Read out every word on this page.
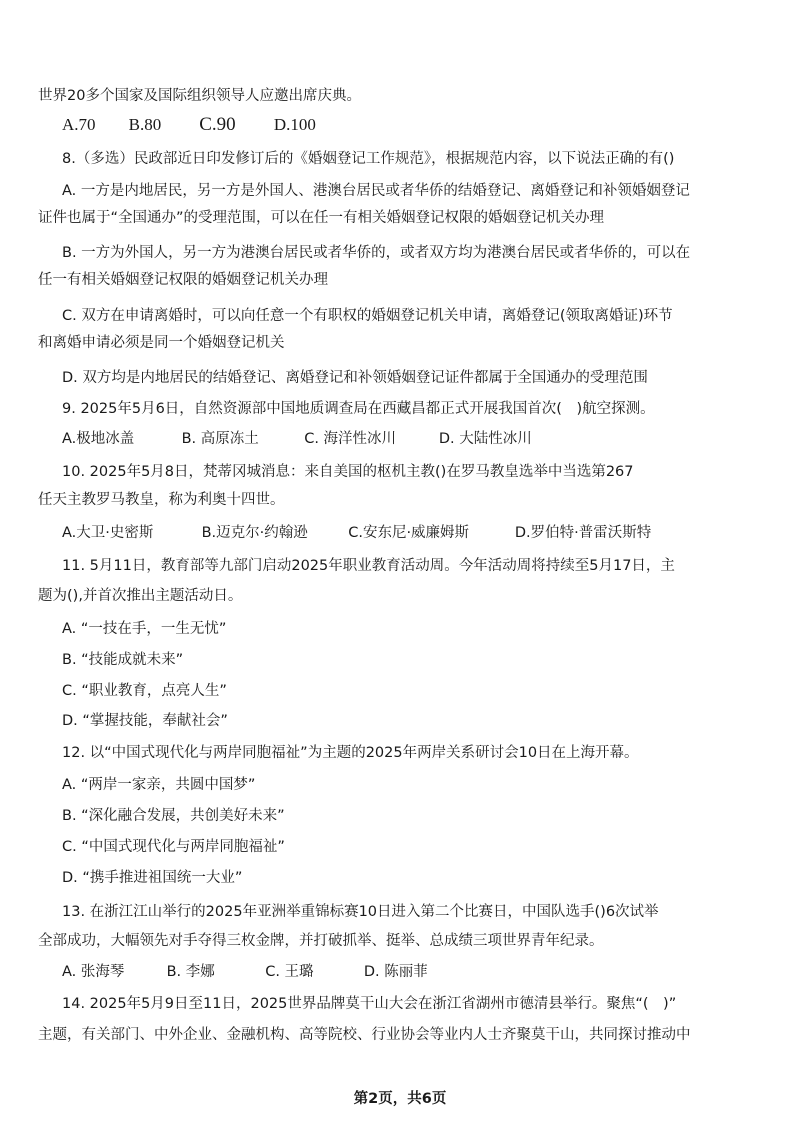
世界20多个国家及国际组织领导人应邀出席庆典。
A.70 B.80 C.90 D.100
8.（多选）民政部近日印发修订后的《婚姻登记工作规范》，根据规范内容，以下说法正确的有()
A. 一方是内地居民，另一方是外国人、港澳台居民或者华侨的结婚登记、离婚登记和补领婚姻登记
证件也属于“全国通办”的受理范围，可以在任一有相关婚姻登记权限的婚姻登记机关办理
B. 一方为外国人，另一方为港澳台居民或者华侨的，或者双方均为港澳台居民或者华侨的，可以在
任一有相关婚姻登记权限的婚姻登记机关办理
C. 双方在申请离婚时，可以向任意一个有职权的婚姻登记机关申请，离婚登记(领取离婚证)环节
和离婚申请必须是同一个婚姻登记机关
D. 双方均是内地居民的结婚登记、离婚登记和补领婚姻登记证件都属于全国通办的受理范围
9. 2025年5月6日，自然资源部中国地质调查局在西藏昌都正式开展我国首次(　)航空探测。
A.极地冰盖	B. 高原冻土	C. 海洋性冰川	D. 大陆性冰川
10. 2025年5月8日，梵蒂冈城消息：来自美国的枢机主教()在罗马教皇选举中当选第267
任天主教罗马教皇，称为利奥十四世。
A.大卫·史密斯	B.迈克尔·约翰逊	C.安东尼·威廉姆斯	D.罗伯特·普雷沃斯特
11. 5月11日，教育部等九部门启动2025年职业教育活动周。今年活动周将持续至5月17日，主
题为(),并首次推出主题活动日。
A. “一技在手，一生无忧”
B. “技能成就未来”
C. “职业教育，点亮人生”
D. “掌握技能，奉献社会”
12. 以“中国式现代化与两岸同胞福祉”为主题的2025年两岸关系研讨会10日在上海开幕。
A. “两岸一家亲，共圆中国梦”
B. “深化融合发展，共创美好未来”
C. “中国式现代化与两岸同胞福祉”
D. “携手推进祖国统一大业”
13. 在浙江江山举行的2025年亚洲举重锦标赛10日进入第二个比赛日，中国队选手()6次试举
全部成功，大幅领先对手夺得三枚金牌，并打破抓举、挺举、总成绩三项世界青年纪录。
A. 张海琴	B. 李娜	C. 王璐	D. 陈丽菲
14. 2025年5月9日至11日，2025世界品牌莫干山大会在浙江省湖州市德清县举行。聚焦“(　)”
主题，有关部门、中外企业、金融机构、高等院校、行业协会等业内人士齐聚莫干山，共同探讨推动中
第2页，共6页
